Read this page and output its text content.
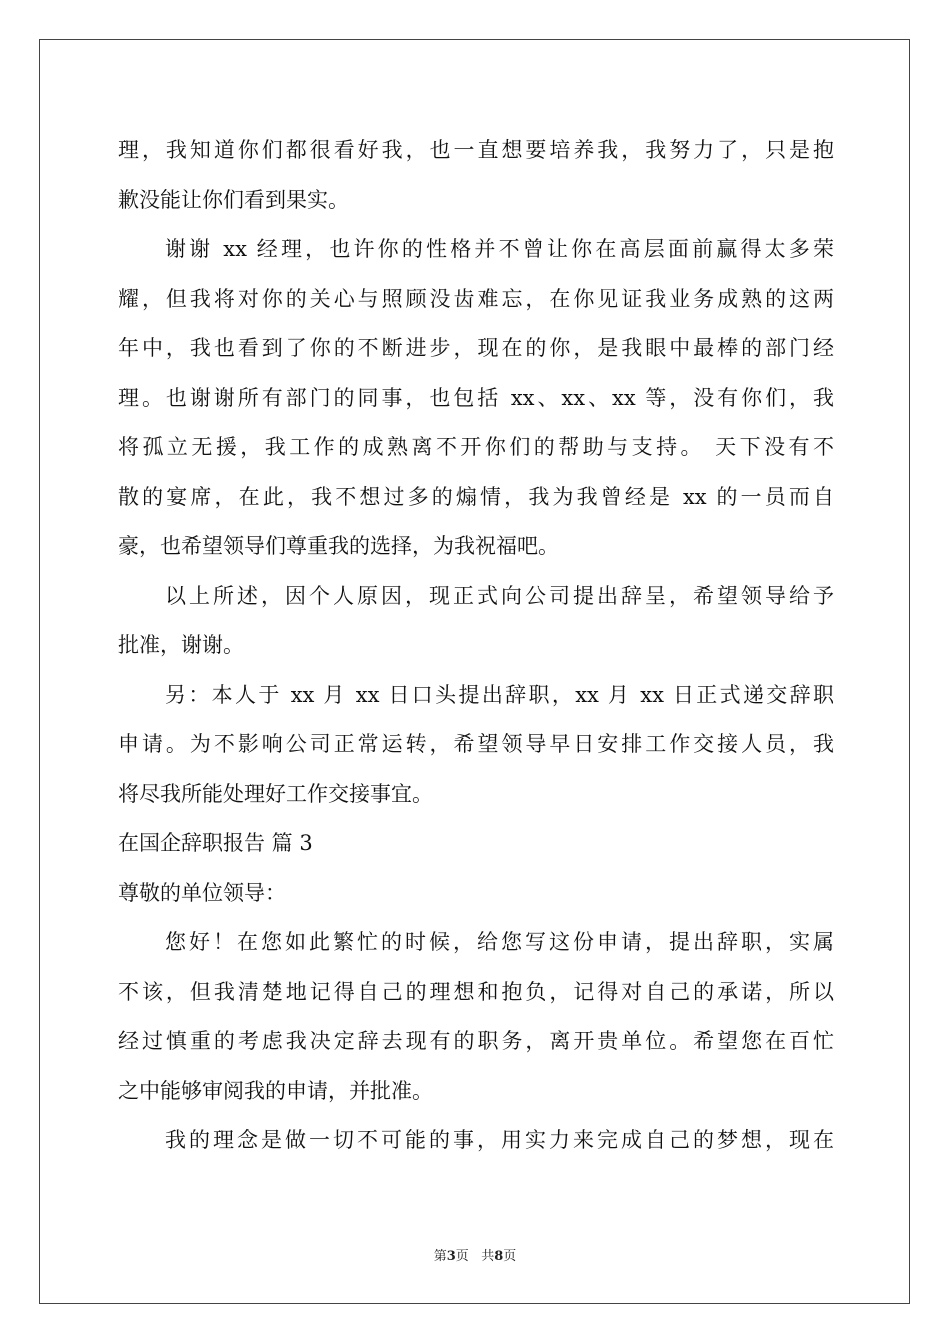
理，我知道你们都很看好我，也一直想要培养我，我努力了，只是抱
歉没能让你们看到果实。
谢谢 xx 经理，也许你的性格并不曾让你在高层面前赢得太多荣
耀，但我将对你的关心与照顾没齿难忘，在你见证我业务成熟的这两
年中，我也看到了你的不断进步，现在的你，是我眼中最棒的部门经
理。也谢谢所有部门的同事，也包括 xx、xx、xx 等，没有你们，我
将孤立无援，我工作的成熟离不开你们的帮助与支持。 天下没有不
散的宴席，在此，我不想过多的煽情，我为我曾经是 xx 的一员而自
豪，也希望领导们尊重我的选择，为我祝福吧。
以上所述，因个人原因，现正式向公司提出辞呈，希望领导给予
批准，谢谢。
另：本人于 xx 月 xx 日口头提出辞职，xx 月 xx 日正式递交辞职
申请。为不影响公司正常运转，希望领导早日安排工作交接人员，我
将尽我所能处理好工作交接事宜。
在国企辞职报告 篇 3
尊敬的单位领导：
您好！在您如此繁忙的时候，给您写这份申请，提出辞职，实属
不该，但我清楚地记得自己的理想和抱负，记得对自己的承诺，所以
经过慎重的考虑我决定辞去现有的职务，离开贵单位。希望您在百忙
之中能够审阅我的申请，并批准。
我的理念是做一切不可能的事，用实力来完成自己的梦想，现在
第3页 共8页
